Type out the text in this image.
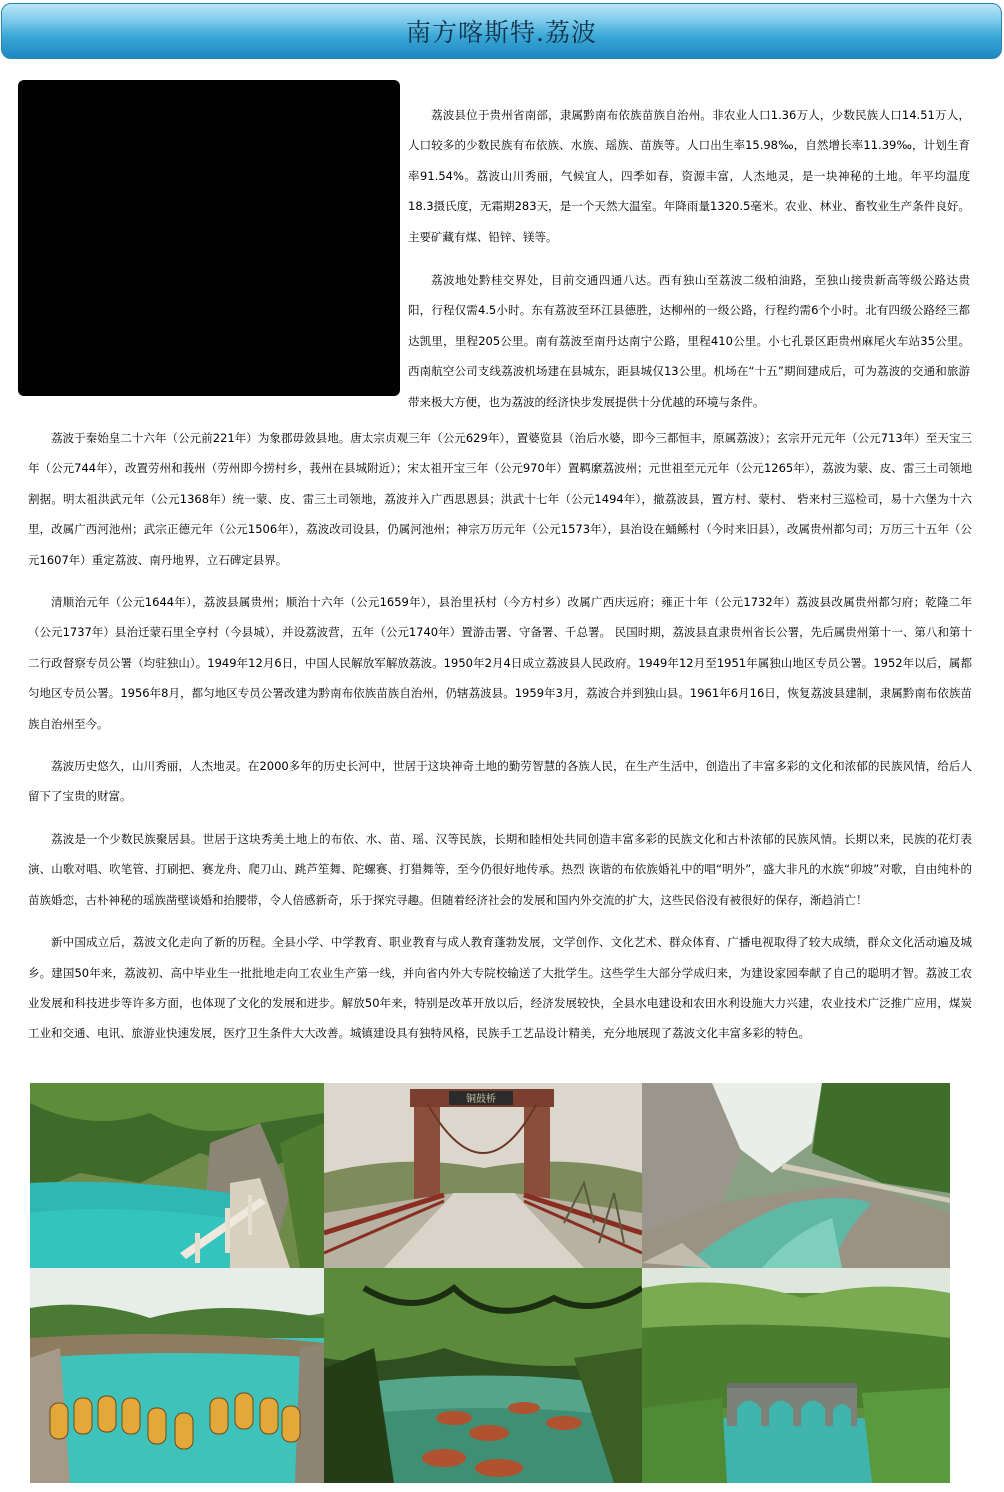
南方喀斯特.荔波

荔波县位于贵州省南部，隶属黔南布依族苗族自治州。非农业人口1.36万人，少数民族人口14.51万人，人口较多的少数民族有布依族、水族、瑶族、苗族等。人口出生率15.98‰，自然增长率11.39‰，计划生育率91.54%。荔波山川秀丽，气候宜人，四季如春，资源丰富，人杰地灵，是一块神秘的土地。年平均温度18.3摄氏度，无霜期283天，是一个天然大温室。年降雨量1320.5毫米。农业、林业、畜牧业生产条件良好。主要矿藏有煤、铅锌、镁等。

荔波地处黔桂交界处，目前交通四通八达。西有独山至荔波二级柏油路，至独山接贵新高等级公路达贵阳，行程仅需4.5小时。东有荔波至环江县德胜，达柳州的一级公路，行程约需6个小时。北有四级公路经三都达凯里，里程205公里。南有荔波至南丹达南宁公路，里程410公里。小七孔景区距贵州麻尾火车站35公里。西南航空公司支线荔波机场建在县城东，距县城仅13公里。机场在“十五”期间建成后，可为荔波的交通和旅游带来极大方便，也为荔波的经济快步发展提供十分优越的环境与条件。

荔波于秦始皇二十六年（公元前221年）为象郡毋敛县地。唐太宗贞观三年（公元629年），置婆览县（治后水婆，即今三都恒丰，原属荔波）；玄宗开元元年（公元713年）至天宝三年（公元744年），改置劳州和莪州（劳州即今捞村乡，莪州在县城附近）；宋太祖开宝三年（公元970年）置羁縻荔波州；元世祖至元元年（公元1265年），荔波为蒙、皮、雷三土司领地割据。明太祖洪武元年（公元1368年）统一蒙、皮、雷三土司领地，荔波并入广西思恩县；洪武十七年（公元1494年），撤荔波县，置方村、蒙村、 砦来村三巡检司，易十六堡为十六里，改属广西河池州；武宗正德元年（公元1506年），荔波改司设县，仍属河池州；神宗万历元年（公元1573年），县治设在蛹鲧村（今时来旧县），改属贵州都匀司；万历三十五年（公元1607年）重定荔波、南丹地界，立石碑定县界。

清顺治元年（公元1644年），荔波县属贵州；顺治十六年（公元1659年），县治里袄村（今方村乡）改属广西庆远府；雍正十年（公元1732年）荔波县改属贵州都匀府；乾隆二年（公元1737年）县治迁蒙石里全亨村（今县城），并设荔波营，五年（公元1740年）置游击署、守备署、千总署。 民国时期，荔波县直隶贵州省长公署，先后属贵州第十一、第八和第十二行政督察专员公署（均驻独山）。1949年12月6日，中国人民解放军解放荔波。1950年2月4日成立荔波县人民政府。1949年12月至1951年属独山地区专员公署。1952年以后，属都匀地区专员公署。1956年8月，都匀地区专员公署改建为黔南布依族苗族自治州，仍辖荔波县。1959年3月，荔波合并到独山县。1961年6月16日，恢复荔波县建制，隶属黔南布依族苗族自治州至今。

荔波历史悠久，山川秀丽，人杰地灵。在2000多年的历史长河中，世居于这块神奇土地的勤劳智慧的各族人民，在生产生活中，创造出了丰富多彩的文化和浓郁的民族风情，给后人留下了宝贵的财富。

荔波是一个少数民族聚居县。世居于这块秀美土地上的布依、水、苗、瑶、汉等民族，长期和睦相处共同创造丰富多彩的民族文化和古朴浓郁的民族风情。长期以来，民族的花灯表演、山歌对唱、吹笔管、打刷把、赛龙舟、爬刀山、跳芦笙舞、陀螺赛、打猎舞等，至今仍很好地传承。热烈 诙谐的布依族婚礼中的唱“明外”，盛大非凡的水族“卯坡”对歌，自由纯朴的苗族婚恋，古朴神秘的瑶族凿壁谈婚和抬腰带，令人倍感新奇，乐于探究寻趣。但随着经济社会的发展和国内外交流的扩大，这些民俗没有被很好的保存，渐趋消亡！

新中国成立后，荔波文化走向了新的历程。全县小学、中学教育、职业教育与成人教育蓬勃发展，文学创作、文化艺术、群众体育、广播电视取得了较大成绩，群众文化活动遍及城乡。建国50年来，荔波初、高中毕业生一批批地走向工农业生产第一线，并向省内外大专院校输送了大批学生。这些学生大部分学成归来，为建设家园奉献了自己的聪明才智。荔波工农业发展和科技进步等许多方面，也体现了文化的发展和进步。解放50年来，特别是改革开放以后，经济发展较快，全县水电建设和农田水利设施大力兴建，农业技术广泛推广应用，煤炭工业和交通、电讯、旅游业快速发展，医疗卫生条件大大改善。城镇建设具有独特风格，民族手工艺品设计精美，充分地展现了荔波文化丰富多彩的特色。

铜鼓桥
